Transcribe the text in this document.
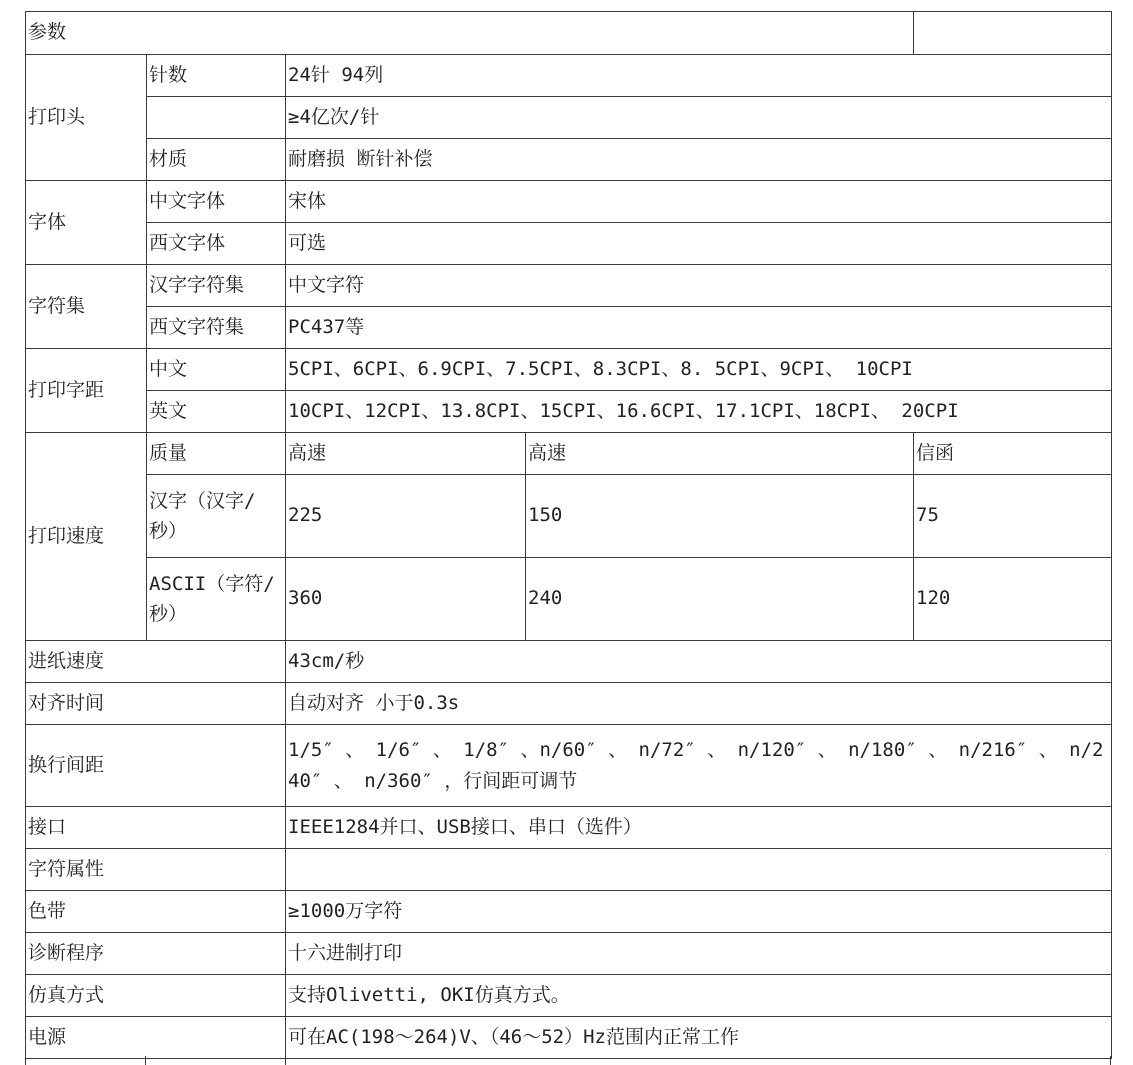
参数				
打印头	针数	24针 94列		
		≥4亿次/针		
	材质	耐磨损 断针补偿		
字体	中文字体	宋体		
	西文字体	可选		
字符集	汉字字符集	中文字符		
	西文字符集	PC437等		
打印字距	中文	5CPI、6CPI、6.9CPI、7.5CPI、8.3CPI、8. 5CPI、9CPI、 10CPI		
	英文	10CPI、12CPI、13.8CPI、15CPI、16.6CPI、17.1CPI、18CPI、 20CPI		
打印速度	质量	高速	高速	信函
	汉字（汉字/秒）	225	150	75
	ASCII（字符/秒）	360	240	120
进纸速度		43cm/秒		
对齐时间		自动对齐 小于0.3s		
换行间距		1/5″ 、 1/6″ 、 1/8″ 、n/60″ 、 n/72″ 、 n/120″ 、 n/180″ 、 n/216″ 、 n/240″ 、 n/360″ ，行间距可调节		
接口		IEEE1284并口、USB接口、串口（选件）		
字符属性				
色带		≥1000万字符		
诊断程序		十六进制打印		
仿真方式		支持Olivetti, OKI仿真方式。		
电源		可在AC(198～264)V、（46～52）Hz范围内正常工作		
